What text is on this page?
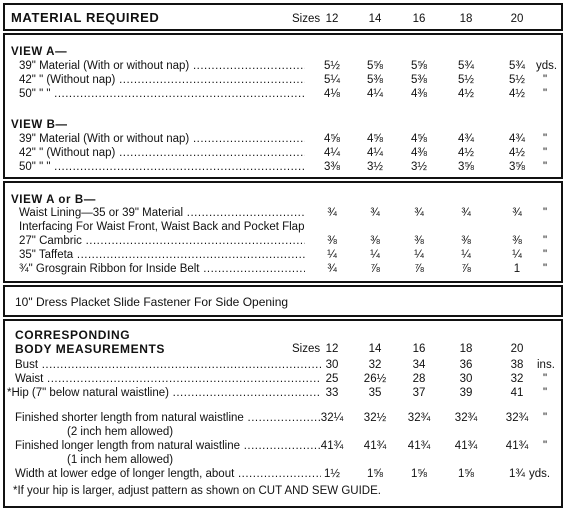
MATERIAL REQUIRED	Sizes 12	14	16	18	20
VIEW A—
39" Material (With or without nap) .....	5½	5⅝	5⅝	5¾	5¾ yds.
42" " (Without nap) .....	5¼	5⅜	5⅜	5½	5½	"
50" " " .....	4⅛	4¼	4⅜	4½	4½	"
VIEW B—
39" Material (With or without nap) .....	4⅝	4⅝	4⅝	4¾	4¾	"
42" " (Without nap) .....	4¼	4¼	4⅜	4½	4½	"
50" " " .....	3⅜	3½	3½	3⅝	3⅝	"
VIEW A or B—
Waist Lining—35 or 39" Material .....	¾	¾	¾	¾	¾	"
Interfacing For Waist Front, Waist Back and Pocket Flap
27" Cambric .....	⅜	⅜	⅜	⅜	⅜	"
35" Taffeta .....	¼	¼	¼	¼	¼	"
¾" Grosgrain Ribbon for Inside Belt .....	¾	⅞	⅞	⅞	1	"
10" Dress Placket Slide Fastener For Side Opening
CORRESPONDING
BODY MEASUREMENTS	Sizes 12	14	16	18	20
Bust .....	30	32	34	36	38	ins.
Waist .....	25	26½	28	30	32	"
*Hip (7" below natural waistline) .....	33	35	37	39	41	"
Finished shorter length from natural waistline .....	32¼	32½	32¾	32¾	32¾	"
(2 inch hem allowed)
Finished longer length from natural waistline .....	41¾	41¾	41¾	41¾	41¾	"
(1 inch hem allowed)
Width at lower edge of longer length, about .....	1½	1⅝	1⅝	1⅝	1¾ yds.
*If your hip is larger, adjust pattern as shown on CUT AND SEW GUIDE.
